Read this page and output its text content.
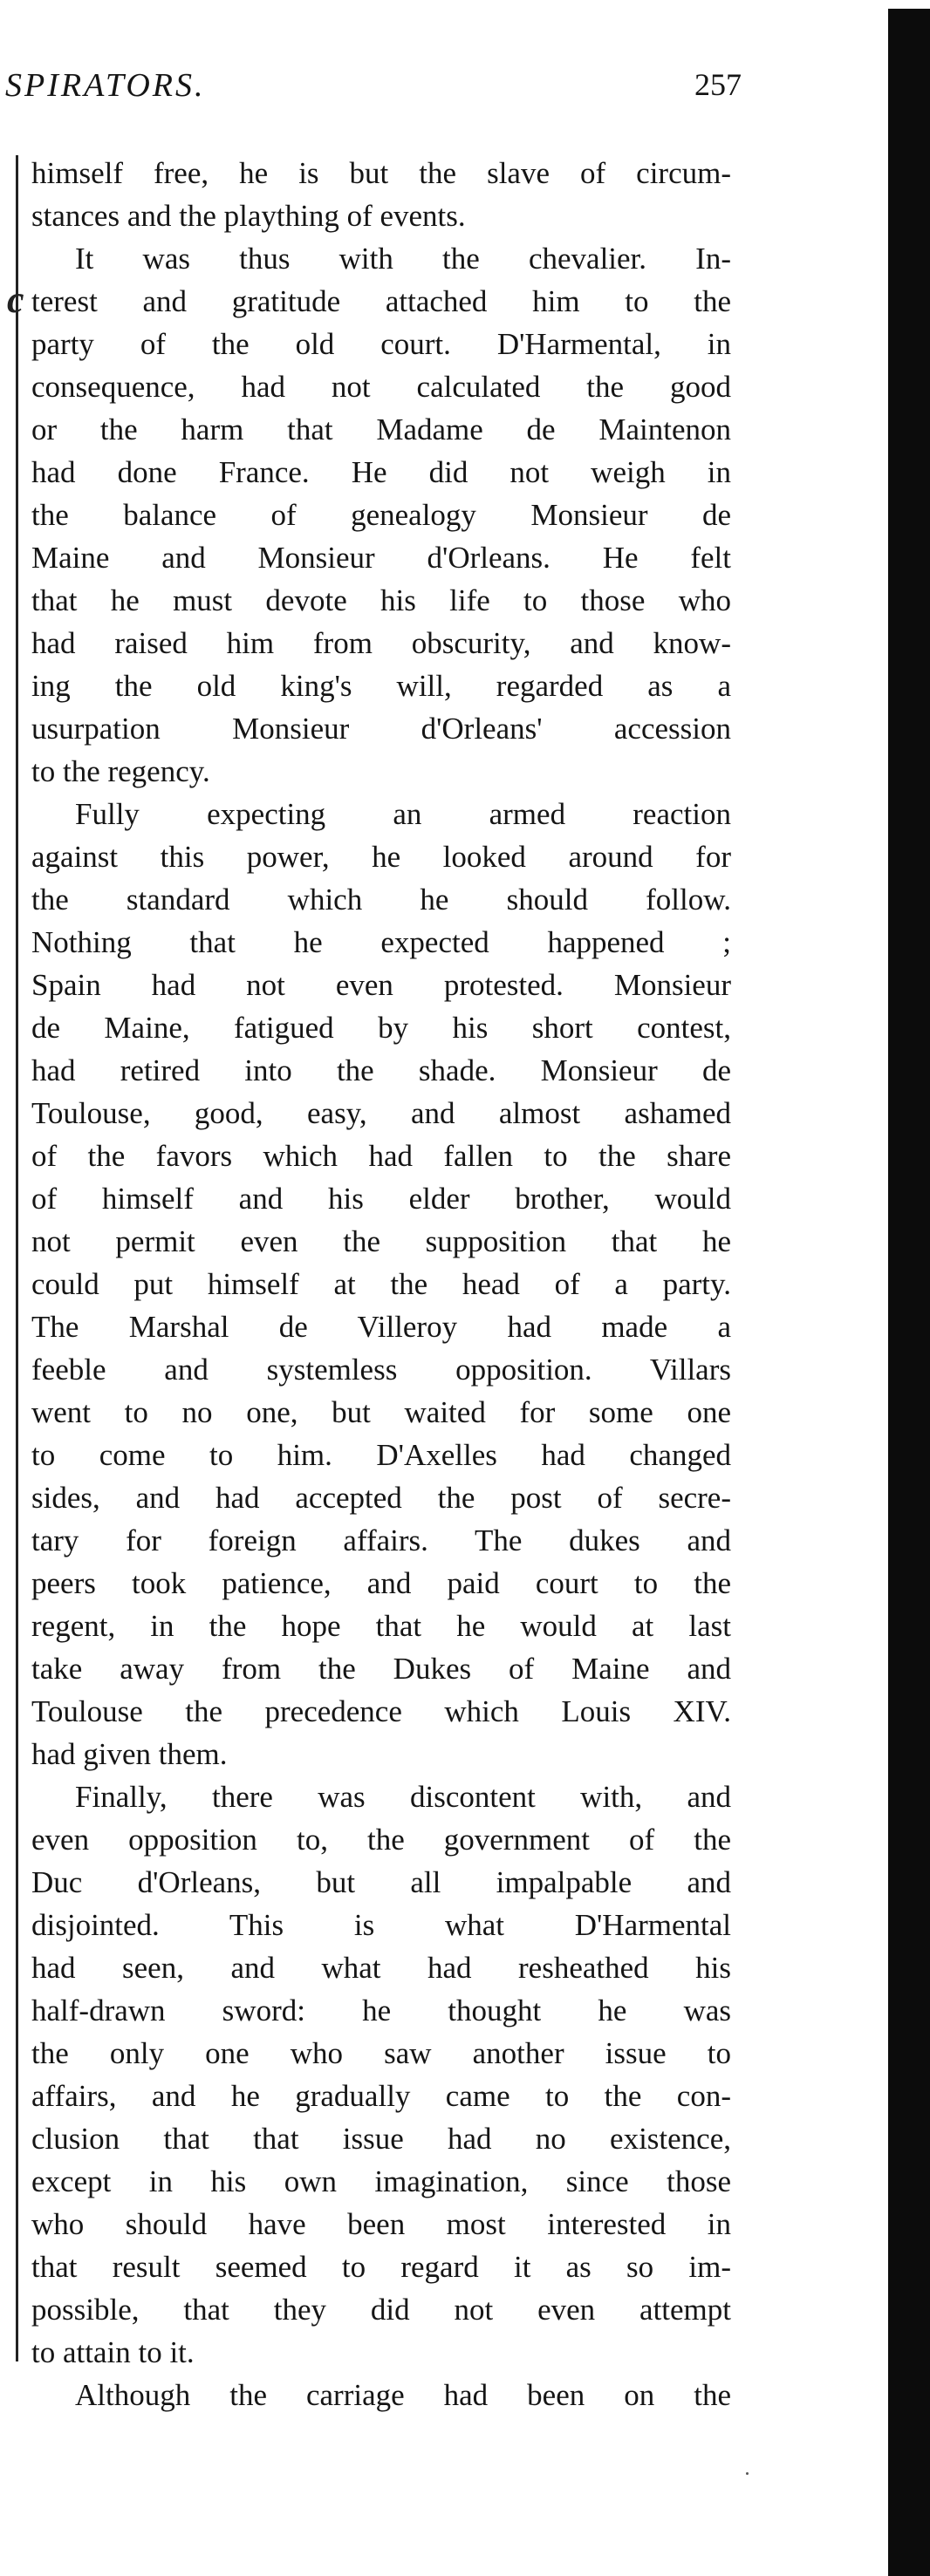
SPIRATORS.	257
c
himself free, he is but the slave of circum-
stances and the plaything of events.
It was thus with the chevalier. In-
terest and gratitude attached him to the
party of the old court. D'Harmental, in
consequence, had not calculated the good
or the harm that Madame de Maintenon
had done France. He did not weigh in
the balance of genealogy Monsieur de
Maine and Monsieur d'Orleans. He felt
that he must devote his life to those who
had raised him from obscurity, and know-
ing the old king's will, regarded as a
usurpation Monsieur d'Orleans' accession
to the regency.
Fully expecting an armed reaction
against this power, he looked around for
the standard which he should follow.
Nothing that he expected happened ;
Spain had not even protested. Monsieur
de Maine, fatigued by his short contest,
had retired into the shade. Monsieur de
Toulouse, good, easy, and almost ashamed
of the favors which had fallen to the share
of himself and his elder brother, would
not permit even the supposition that he
could put himself at the head of a party.
The Marshal de Villeroy had made a
feeble and systemless opposition. Villars
went to no one, but waited for some one
to come to him. D'Axelles had changed
sides, and had accepted the post of secre-
tary for foreign affairs. The dukes and
peers took patience, and paid court to the
regent, in the hope that he would at last
take away from the Dukes of Maine and
Toulouse the precedence which Louis XIV.
had given them.
Finally, there was discontent with, and
even opposition to, the government of the
Duc d'Orleans, but all impalpable and
disjointed. This is what D'Harmental
had seen, and what had resheathed his
half-drawn sword: he thought he was
the only one who saw another issue to
affairs, and he gradually came to the con-
clusion that that issue had no existence,
except in his own imagination, since those
who should have been most interested in
that result seemed to regard it as so im-
possible, that they did not even attempt
to attain to it.
Although the carriage had been on the
